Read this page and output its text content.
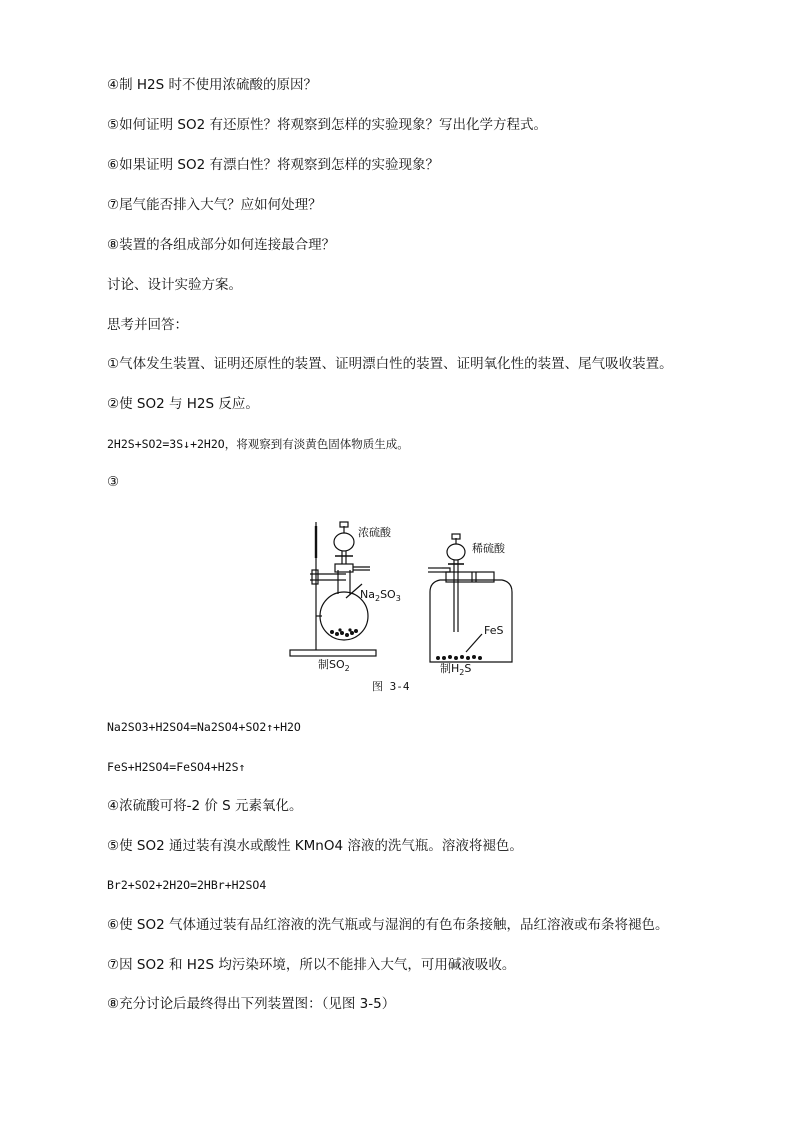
④制 H2S 时不使用浓硫酸的原因？
⑤如何证明 SO2 有还原性？将观察到怎样的实验现象？写出化学方程式。
⑥如果证明 SO2 有漂白性？将观察到怎样的实验现象？
⑦尾气能否排入大气？应如何处理？
⑧装置的各组成部分如何连接最合理？
讨论、设计实验方案。
思考并回答：
①气体发生装置、证明还原性的装置、证明漂白性的装置、证明氧化性的装置、尾气吸收装置。
②使 SO2 与 H2S 反应。
2H2S+SO2=3S↓+2H2O，将观察到有淡黄色固体物质生成。
③
浓硫酸
稀硫酸
$Na_2SO_3$
FeS
制$SO_2$	制$H_2S$
图 3-4
Na2SO3+H2SO4=Na2SO4+SO2↑+H2O
FeS+H2SO4=FeSO4+H2S↑
④浓硫酸可将-2 价 S 元素氧化。
⑤使 SO2 通过装有溴水或酸性 KMnO4 溶液的洗气瓶。溶液将褪色。
Br2+SO2+2H2O=2HBr+H2SO4
⑥使 SO2 气体通过装有品红溶液的洗气瓶或与湿润的有色布条接触，品红溶液或布条将褪色。
⑦因 SO2 和 H2S 均污染环境，所以不能排入大气，可用碱液吸收。
⑧充分讨论后最终得出下列装置图：（见图 3-5）
